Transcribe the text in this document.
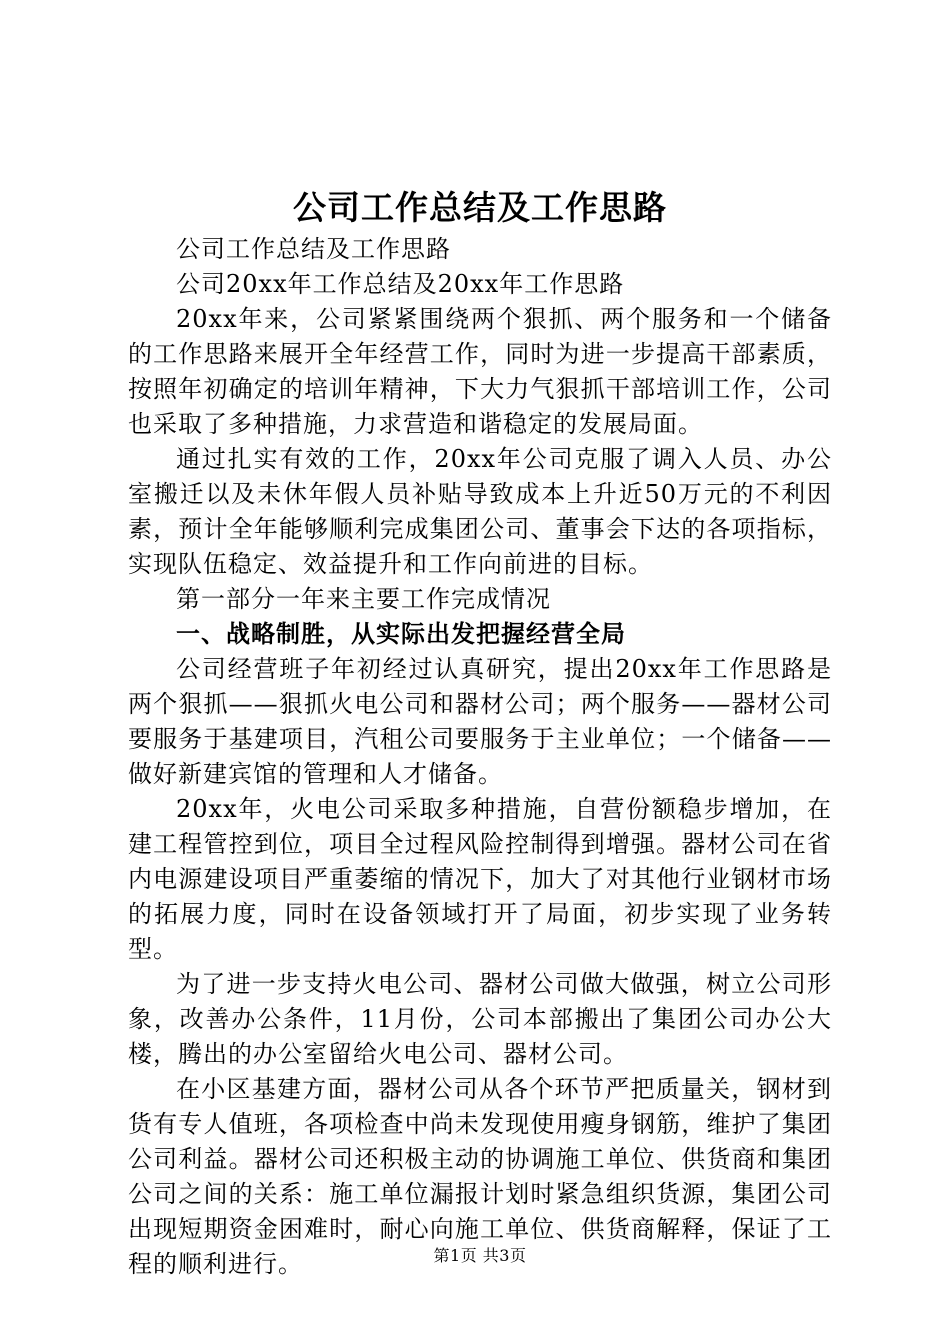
公司工作总结及工作思路

公司工作总结及工作思路

公司20xx年工作总结及20xx年工作思路

20xx年来，公司紧紧围绕两个狠抓、两个服务和一个储备的工作思路来展开全年经营工作，同时为进一步提高干部素质，按照年初确定的培训年精神，下大力气狠抓干部培训工作，公司也采取了多种措施，力求营造和谐稳定的发展局面。

通过扎实有效的工作，20xx年公司克服了调入人员、办公室搬迁以及未休年假人员补贴导致成本上升近50万元的不利因素，预计全年能够顺利完成集团公司、董事会下达的各项指标，实现队伍稳定、效益提升和工作向前进的目标。

第一部分一年来主要工作完成情况

一、战略制胜，从实际出发把握经营全局

公司经营班子年初经过认真研究，提出20xx年工作思路是两个狠抓——狠抓火电公司和器材公司；两个服务——器材公司要服务于基建项目，汽租公司要服务于主业单位；一个储备——做好新建宾馆的管理和人才储备。

20xx年，火电公司采取多种措施，自营份额稳步增加，在建工程管控到位，项目全过程风险控制得到增强。器材公司在省内电源建设项目严重萎缩的情况下，加大了对其他行业钢材市场的拓展力度，同时在设备领域打开了局面，初步实现了业务转型。

为了进一步支持火电公司、器材公司做大做强，树立公司形象，改善办公条件，11月份，公司本部搬出了集团公司办公大楼，腾出的办公室留给火电公司、器材公司。

在小区基建方面，器材公司从各个环节严把质量关，钢材到货有专人值班，各项检查中尚未发现使用瘦身钢筋，维护了集团公司利益。器材公司还积极主动的协调施工单位、供货商和集团公司之间的关系：施工单位漏报计划时紧急组织货源，集团公司出现短期资金困难时，耐心向施工单位、供货商解释，保证了工程的顺利进行。	第1页 共3页
